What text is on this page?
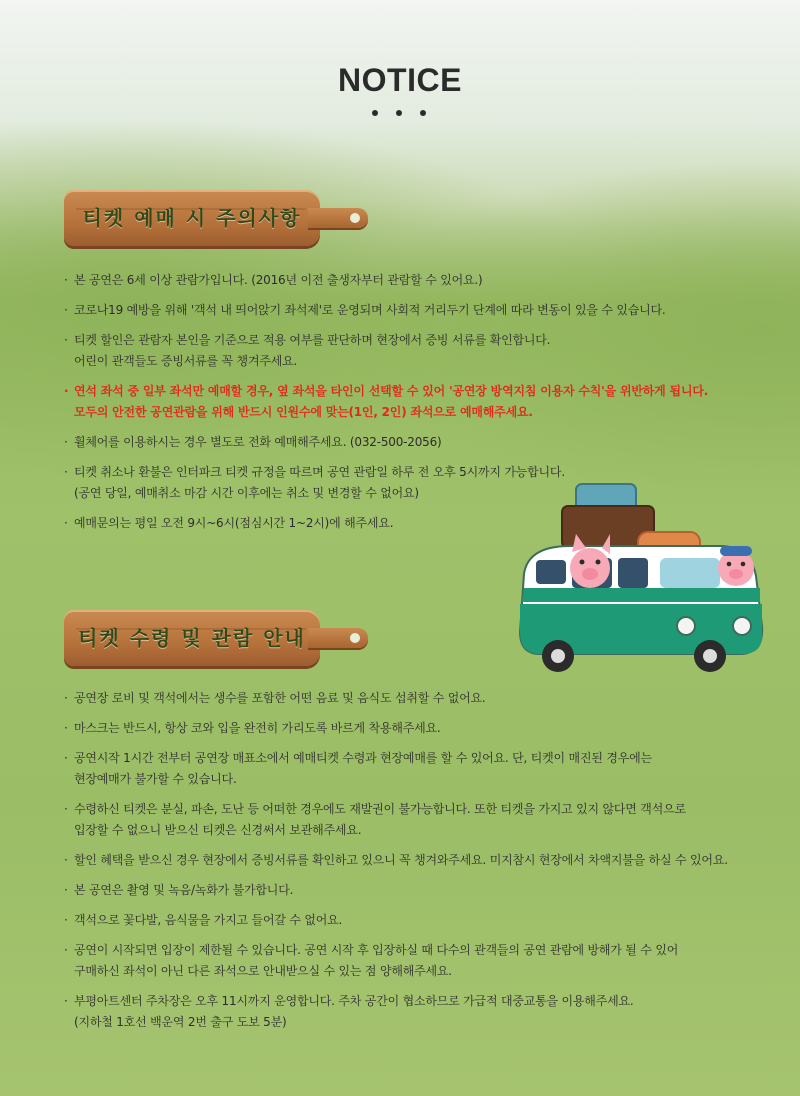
NOTICE
티켓 예매 시 주의사항
· 본 공연은 6세 이상 관람가입니다. (2016년 이전 출생자부터 관람할 수 있어요.)
· 코로나19 예방을 위해 '객석 내 띄어앉기 좌석제'로 운영되며 사회적 거리두기 단계에 따라 변동이 있을 수 있습니다.
· 티켓 할인은 관람자 본인을 기준으로 적용 여부를 판단하며 현장에서 증빙 서류를 확인합니다.
어린이 관객들도 증빙서류를 꼭 챙겨주세요.
· 연석 좌석 중 일부 좌석만 예매할 경우, 옆 좌석을 타인이 선택할 수 있어 '공연장 방역지침 이용자 수칙'을 위반하게 됩니다.
모두의 안전한 공연관람을 위해 반드시 인원수에 맞는(1인, 2인) 좌석으로 예매해주세요.
· 휠체어를 이용하시는 경우 별도로 전화 예매해주세요. (032-500-2056)
· 티켓 취소나 환불은 인터파크 티켓 규정을 따르며 공연 관람일 하루 전 오후 5시까지 가능합니다.
(공연 당일, 예매취소 마감 시간 이후에는 취소 및 변경할 수 없어요)
· 예매문의는 평일 오전 9시~6시(점심시간 1~2시)에 해주세요.
티켓 수령 및 관람 안내
· 공연장 로비 및 객석에서는 생수를 포함한 어떤 음료 및 음식도 섭취할 수 없어요.
· 마스크는 반드시, 항상 코와 입을 완전히 가리도록 바르게 착용해주세요.
· 공연시작 1시간 전부터 공연장 매표소에서 예매티켓 수령과 현장예매를 할 수 있어요. 단, 티켓이 매진된 경우에는
현장예매가 불가할 수 있습니다.
· 수령하신 티켓은 분실, 파손, 도난 등 어떠한 경우에도 재발권이 불가능합니다. 또한 티켓을 가지고 있지 않다면 객석으로
입장할 수 없으니 받으신 티켓은 신경써서 보관해주세요.
· 할인 혜택을 받으신 경우 현장에서 증빙서류를 확인하고 있으니 꼭 챙겨와주세요. 미지참시 현장에서 차액지불을 하실 수 있어요.
· 본 공연은 촬영 및 녹음/녹화가 불가합니다.
· 객석으로 꽃다발, 음식물을 가지고 들어갈 수 없어요.
· 공연이 시작되면 입장이 제한될 수 있습니다. 공연 시작 후 입장하실 때 다수의 관객들의 공연 관람에 방해가 될 수 있어
구매하신 좌석이 아닌 다른 좌석으로 안내받으실 수 있는 점 양해해주세요.
· 부평아트센터 주차장은 오후 11시까지 운영합니다. 주차 공간이 협소하므로 가급적 대중교통을 이용해주세요.
(지하철 1호선 백운역 2번 출구 도보 5분)
